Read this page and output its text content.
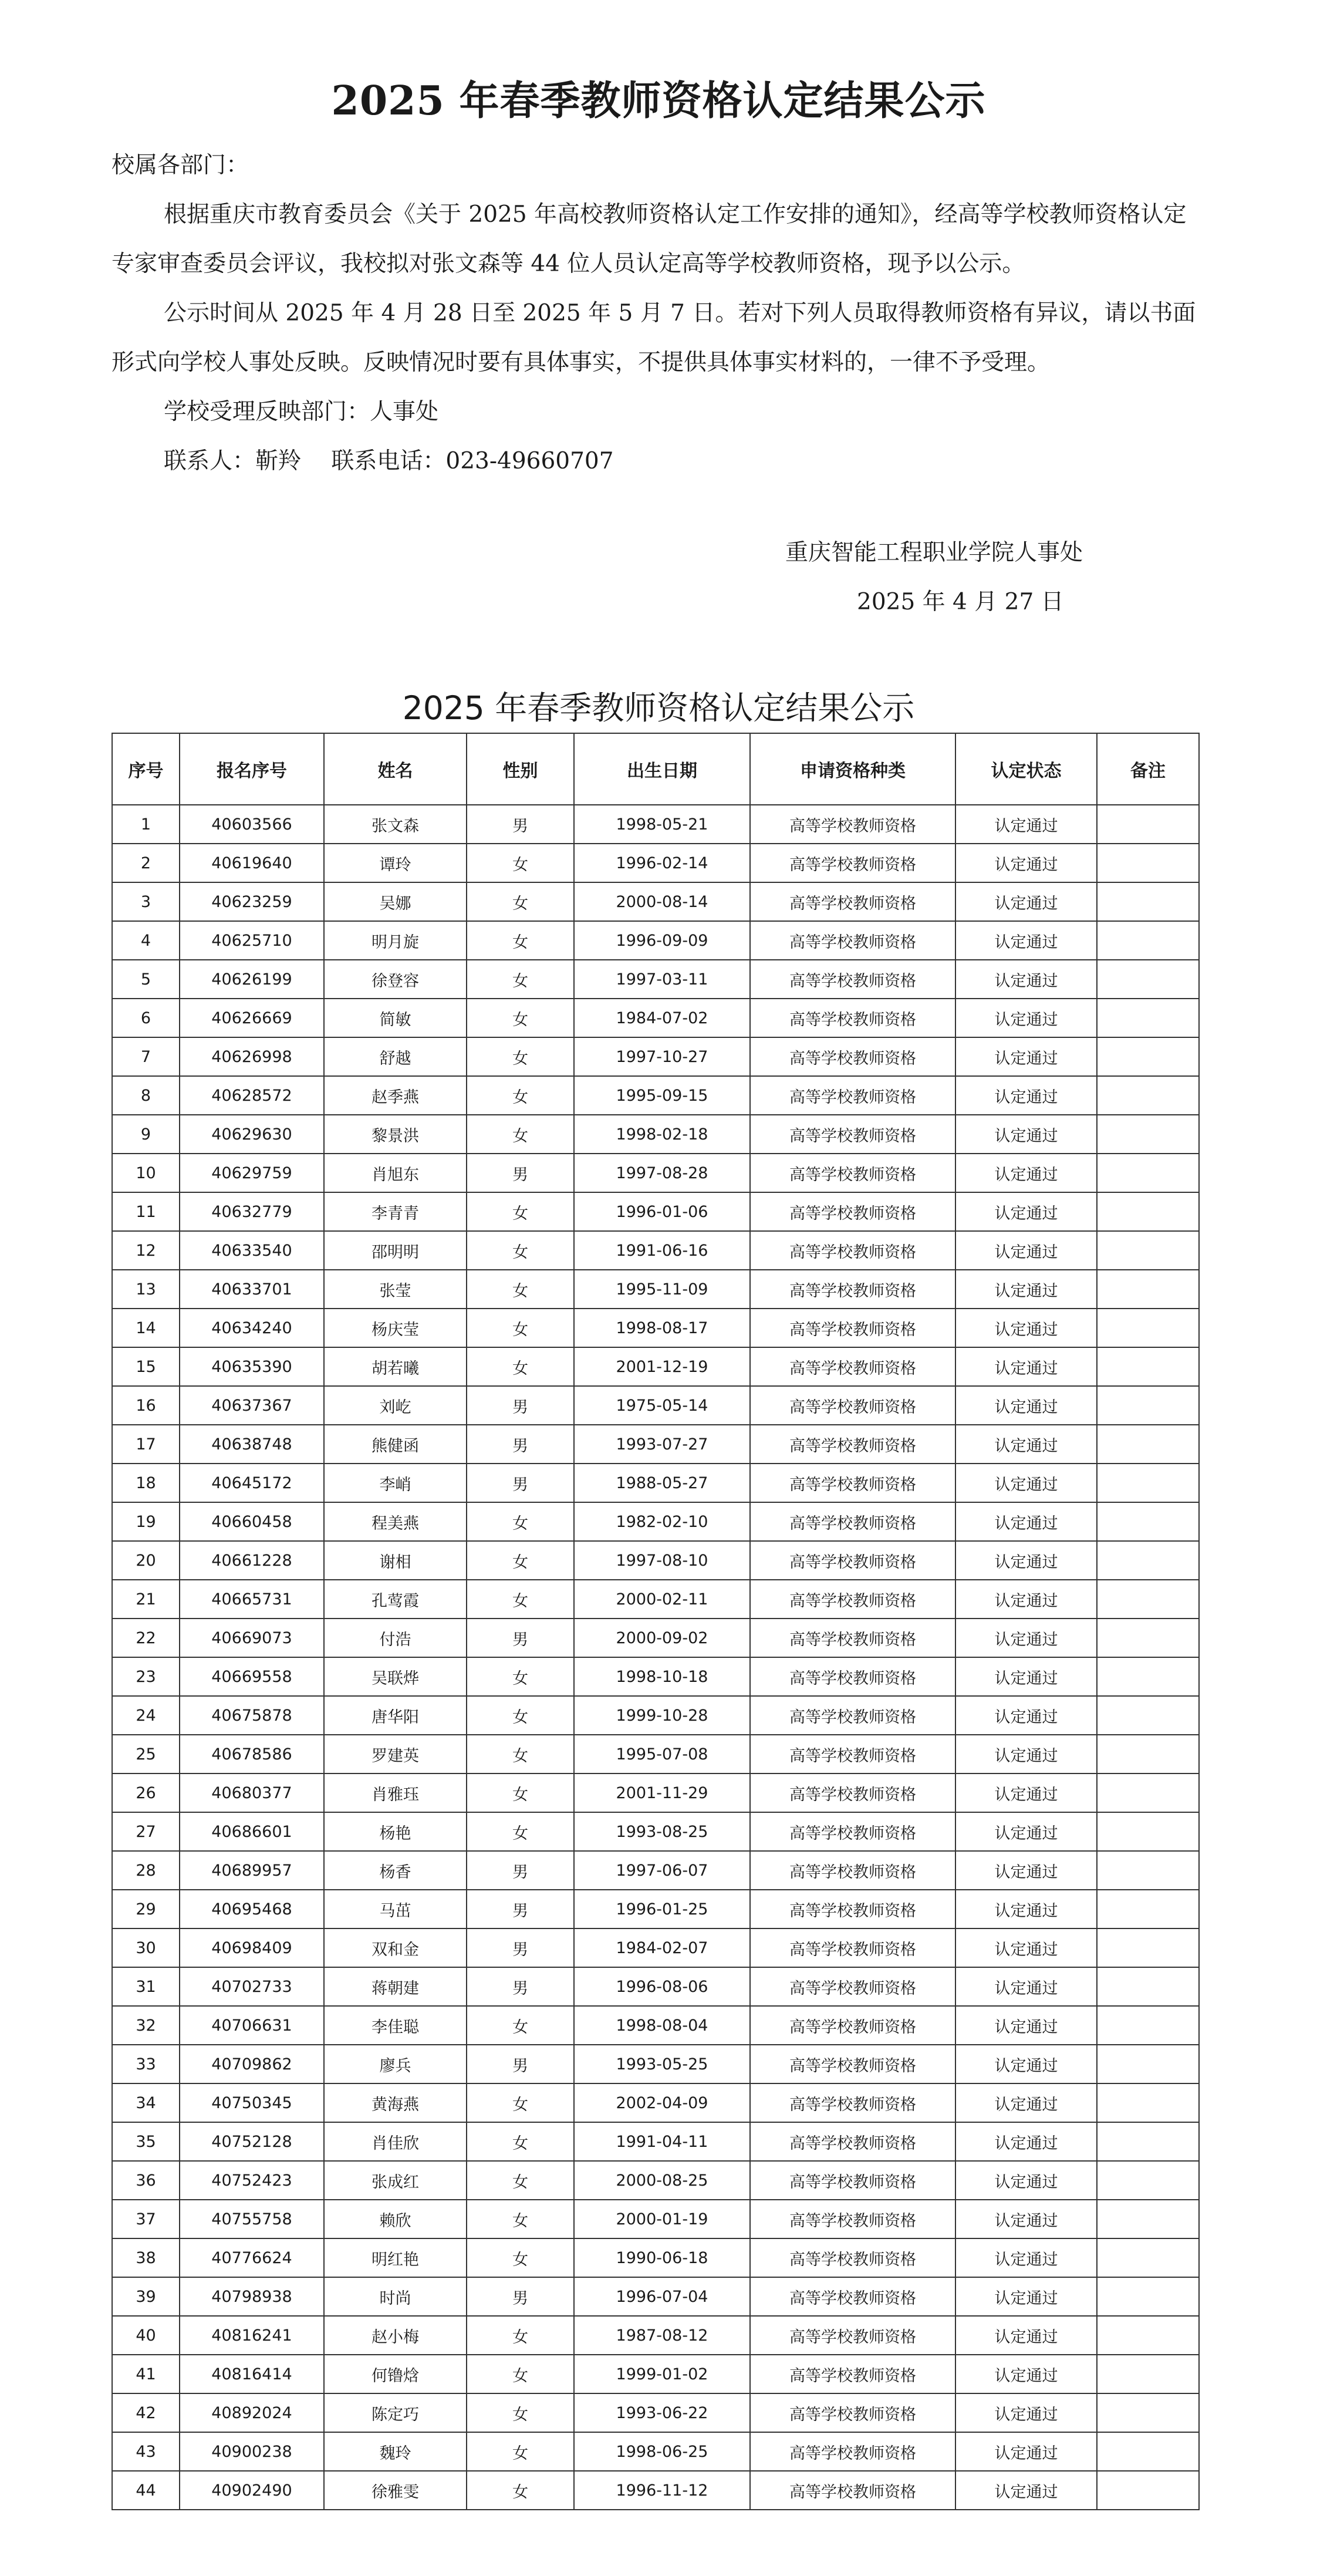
2025 年春季教师资格认定结果公示

校属各部门：

根据重庆市教育委员会《关于 2025 年高校教师资格认定工作安排的通知》，经高等学校教师资格认定专家审查委员会评议，我校拟对张文森等 44 位人员认定高等学校教师资格，现予以公示。

公示时间从 2025 年 4 月 28 日至 2025 年 5 月 7 日。若对下列人员取得教师资格有异议，请以书面形式向学校人事处反映。反映情况时要有具体事实，不提供具体事实材料的，一律不予受理。

学校受理反映部门：人事处

联系人：靳羚　 联系电话：023-49660707

重庆智能工程职业学院人事处
2025 年 4 月 27 日
2025 年春季教师资格认定结果公示
序号	报名序号	姓名	性别	出生日期	申请资格种类	认定状态	备注
1	40603566	张文森	男	1998-05-21	高等学校教师资格	认定通过	
2	40619640	谭玲	女	1996-02-14	高等学校教师资格	认定通过	
3	40623259	吴娜	女	2000-08-14	高等学校教师资格	认定通过	
4	40625710	明月旋	女	1996-09-09	高等学校教师资格	认定通过	
5	40626199	徐登容	女	1997-03-11	高等学校教师资格	认定通过	
6	40626669	简敏	女	1984-07-02	高等学校教师资格	认定通过	
7	40626998	舒越	女	1997-10-27	高等学校教师资格	认定通过	
8	40628572	赵季燕	女	1995-09-15	高等学校教师资格	认定通过	
9	40629630	黎景洪	女	1998-02-18	高等学校教师资格	认定通过	
10	40629759	肖旭东	男	1997-08-28	高等学校教师资格	认定通过	
11	40632779	李青青	女	1996-01-06	高等学校教师资格	认定通过	
12	40633540	邵明明	女	1991-06-16	高等学校教师资格	认定通过	
13	40633701	张莹	女	1995-11-09	高等学校教师资格	认定通过	
14	40634240	杨庆莹	女	1998-08-17	高等学校教师资格	认定通过	
15	40635390	胡若曦	女	2001-12-19	高等学校教师资格	认定通过	
16	40637367	刘屹	男	1975-05-14	高等学校教师资格	认定通过	
17	40638748	熊健函	男	1993-07-27	高等学校教师资格	认定通过	
18	40645172	李峭	男	1988-05-27	高等学校教师资格	认定通过	
19	40660458	程美燕	女	1982-02-10	高等学校教师资格	认定通过	
20	40661228	谢相	女	1997-08-10	高等学校教师资格	认定通过	
21	40665731	孔莺霞	女	2000-02-11	高等学校教师资格	认定通过	
22	40669073	付浩	男	2000-09-02	高等学校教师资格	认定通过	
23	40669558	吴联烨	女	1998-10-18	高等学校教师资格	认定通过	
24	40675878	唐华阳	女	1999-10-28	高等学校教师资格	认定通过	
25	40678586	罗建英	女	1995-07-08	高等学校教师资格	认定通过	
26	40680377	肖雅珏	女	2001-11-29	高等学校教师资格	认定通过	
27	40686601	杨艳	女	1993-08-25	高等学校教师资格	认定通过	
28	40689957	杨香	男	1997-06-07	高等学校教师资格	认定通过	
29	40695468	马茁	男	1996-01-25	高等学校教师资格	认定通过	
30	40698409	双和金	男	1984-02-07	高等学校教师资格	认定通过	
31	40702733	蒋朝建	男	1996-08-06	高等学校教师资格	认定通过	
32	40706631	李佳聪	女	1998-08-04	高等学校教师资格	认定通过	
33	40709862	廖兵	男	1993-05-25	高等学校教师资格	认定通过	
34	40750345	黄海燕	女	2002-04-09	高等学校教师资格	认定通过	
35	40752128	肖佳欣	女	1991-04-11	高等学校教师资格	认定通过	
36	40752423	张成红	女	2000-08-25	高等学校教师资格	认定通过	
37	40755758	赖欣	女	2000-01-19	高等学校教师资格	认定通过	
38	40776624	明红艳	女	1990-06-18	高等学校教师资格	认定通过	
39	40798938	时尚	男	1996-07-04	高等学校教师资格	认定通过	
40	40816241	赵小梅	女	1987-08-12	高等学校教师资格	认定通过	
41	40816414	何镥焓	女	1999-01-02	高等学校教师资格	认定通过	
42	40892024	陈定巧	女	1993-06-22	高等学校教师资格	认定通过	
43	40900238	魏玲	女	1998-06-25	高等学校教师资格	认定通过	
44	40902490	徐雅雯	女	1996-11-12	高等学校教师资格	认定通过	
